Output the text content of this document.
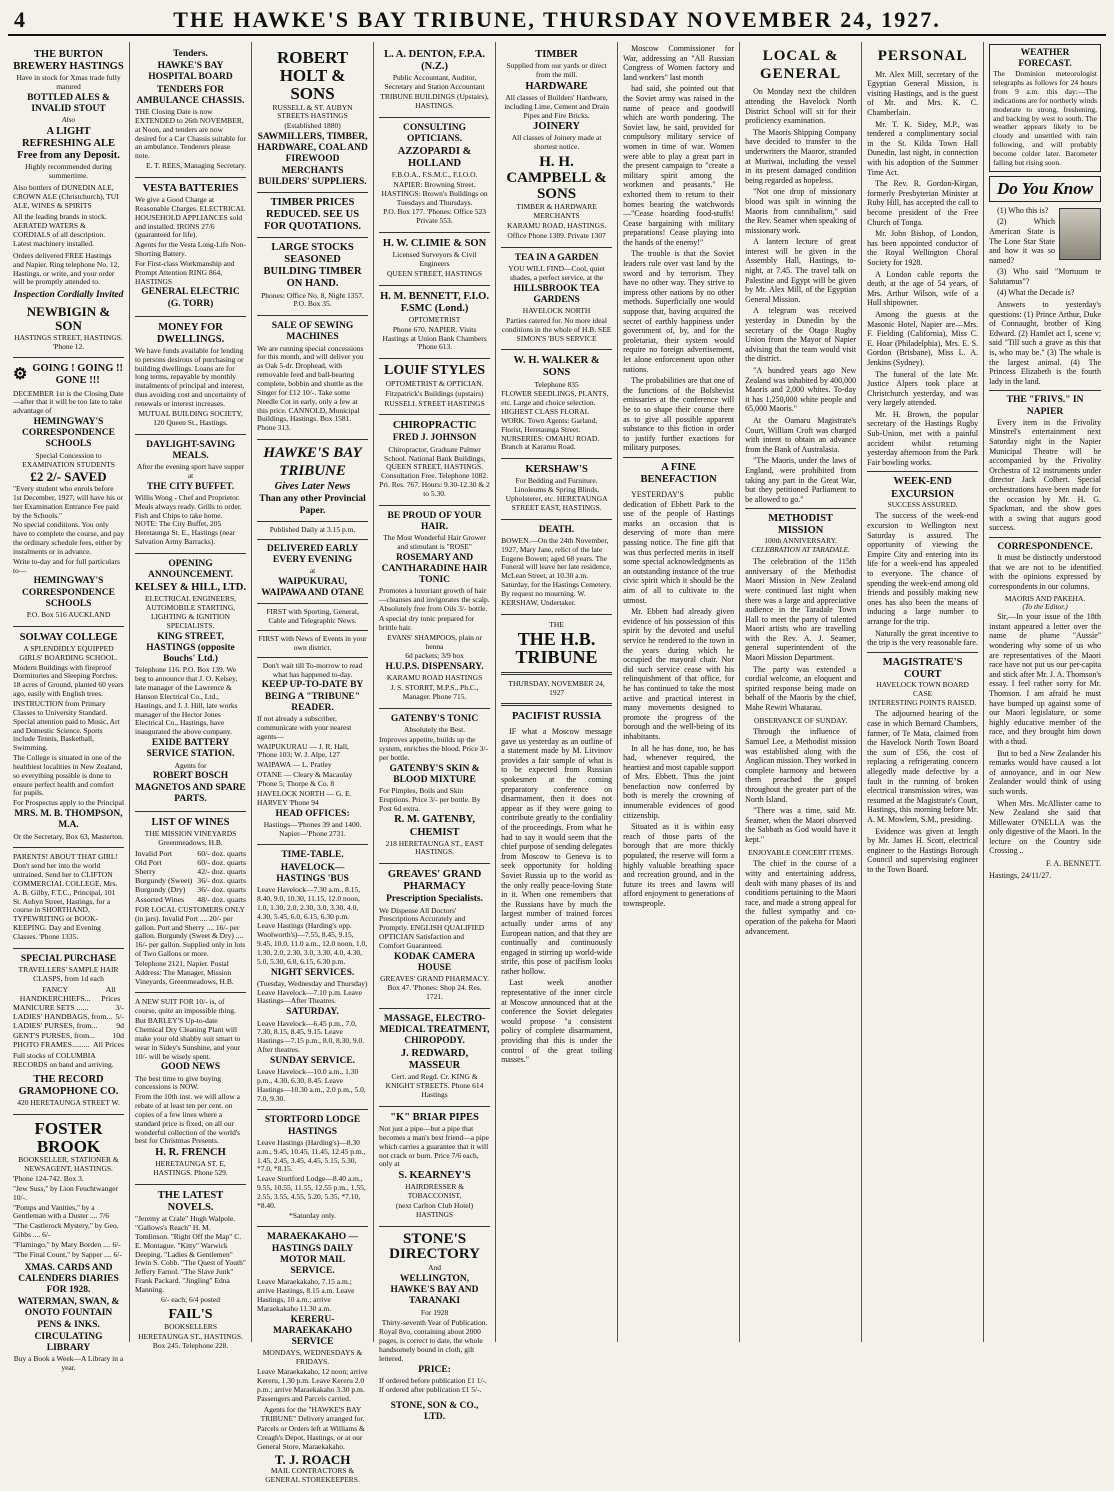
4	THE HAWKE'S BAY TRIBUNE, THURSDAY NOVEMBER 24, 1927.

THE BURTON BREWERY HASTINGS

Have in stock for Xmas trade fully matured

BOTTLED ALES & INVALID STOUT

Also

A LIGHT REFRESHING ALE Free from any Deposit.

Highly recommended during summertime.

Also bottlers of DUNEDIN ALE, CROWN ALE (Christchurch), TUI ALE, WINES & SPIRITS

All the leading brands in stock. AERATED WATERS & CORDIALS of all description. Latest machinery installed.

Orders delivered FREE Hastings and Napier. Ring telephone No. 12, Hastings, or write, and your order will be promptly attended to.

Inspection Cordially Invited

NEWBIGIN & SON

HASTINGS STREET, HASTINGS. 'Phone 12.

⚙ GOING ! GOING !! GONE !!!

DECEMBER 1st is the Closing Date —after that it will be too late to take advantage of

HEMINGWAY'S CORRESPONDENCE SCHOOLS

Special Concession to EXAMINATION STUDENTS

£2 2/- SAVED

"Every student who enrols before 1st December, 1927, will have his or her Examination Entrance Fee paid by the Schools."

No special conditions. You only have to complete the course, and pay the ordinary schedule fees, either by instalments or in advance.

Write to-day and for full particulars to—

HEMINGWAY'S CORRESPONDENCE SCHOOLS

P.O. Box 516 AUCKLAND

SOLWAY COLLEGE

A SPLENDIDLY EQUIPPED GIRLS' BOARDING SCHOOL.

Modern Buildings with fireproof Dormitories and Sleeping Porches. 18 acres of Ground, planted 60 years ago, easily with English trees.

INSTRUCTION from Primary Classes to University Standard. Special attention paid to Music, Art and Domestic Science. Sports include Tennis, Basketball, Swimming.

The College is situated in one of the healthiest localities in New Zealand, so everything possible is done to ensure perfect health and comfort for pupils.

For Prospectus apply to the Principal

MRS. M. B. THOMPSON, M.A.

Or the Secretary, Box 63, Masterton.

PARENTS! ABOUT THAT GIRL! Don't send her into the world untrained. Send her to CLIFTON COMMERCIAL COLLEGE, Mrs. A. B. Gilby, F.T.C., Principal, 101 St. Aubyn Street, Hastings, for a course in SHORTHAND, TYPEWRITING or BOOK-KEEPING. Day and Evening Classes. 'Phone 1335.

SPECIAL PURCHASE

TRAVELLERS' SAMPLE HAIR CLASPS, from 1d each

FANCY HANDKERCHIEFS...
All Prices
MANICURE SETS ......	3/-
LADIES' HANDBAGS, from... 5/-
LADIES' PURSES, from... 9d
GENT'S PURSES, from... 10d
PHOTO FRAMES......... All Prices

Full stocks of COLUMBIA RECORDS on hand and arriving.

THE RECORD GRAMOPHONE CO.

420 HERETAUNGA STREET W.

FOSTER BROOK

BOOKSELLER, STATIONER & NEWSAGENT, HASTINGS.

'Phone 124-742. Box 3.

"Jew Suss," by Lion Feuchtwanger 10/-.

"Pomps and Vanities," by a Gentleman with a Duster .... 7/6

"The Castlerock Mystery," by Geo. Gibbs .... 6/-

"Flamingo," by Mary Borden .... 6/-

"The Final Count," by Sapper .... 6/-

XMAS. CARDS AND CALENDERS DIARIES FOR 1928.

WATERMAN, SWAN, & ONOTO FOUNTAIN PENS & INKS.

CIRCULATING LIBRARY

Buy a Book a Week—A Library in a year.

Tenders.

HAWKE'S BAY HOSPITAL BOARD

TENDERS FOR AMBULANCE CHASSIS.

THE Closing Date is now EXTENDED to 26th NOVEMBER, at Noon, and tenders are now desired for a Car Chassis suitable for an ambulance. Tenderers please note.

E. T. REES, Managing Secretary.

VESTA BATTERIES

We give a Good Charge at Reasonable Charges. ELECTRICAL HOUSEHOLD APPLIANCES sold and installed. IRONS 27/6 (guaranteed for life).

Agents for the Vesta Long-Life Non-Shorting Battery.

For First-class Workmanship and Prompt Attention RING 864, HASTINGS

GENERAL ELECTRIC (G. TORR)

MONEY FOR DWELLINGS.

We have funds available for lending to persons desirous of purchasing or building dwellings. Loans are for long terms, repayable by monthly instalments of principal and interest, thus avoiding cost and uncertainty of renewals or interest increases.

MUTUAL BUILDING SOCIETY, 120 Queen St., Hastings.

DAYLIGHT-SAVING MEALS.

After the evening sport have supper at

THE CITY BUFFET.

Willis Wong - Chef and Proprietor. Meals always ready. Grills to order. Fish and Chips to take home. NOTE: The City Buffet, 205 Heretaunga St. E., Hastings (near Salvation Army Barracks).

OPENING ANNOUNCEMENT.

KELSEY & HILL, LTD.

ELECTRICAL ENGINEERS, AUTOMOBILE STARTING, LIGHTING & IGNITION SPECIALISTS.

KING STREET, HASTINGS (opposite Bouchs' Ltd.)

Telephone 116. P.O. Box 139. We beg to announce that J. O. Kelsey, late manager of the Lawrence & Hanson Electrical Co., Ltd., Hastings, and J. J. Hill, late works manager of the Hector Jones Electrical Co., Hastings, have inaugurated the above company.

EXIDE BATTERY SERVICE STATION.

Agents for

ROBERT BOSCH MAGNETOS AND SPARE PARTS.

LIST OF WINES

THE MISSION VINEYARDS Greenmeadows, H.B.

Invalid Port	60/- doz. quarts
Old Port	60/- doz. quarts
Sherry	42/- doz. quarts
Burgundy (Sweet) 36/- doz. quarts
Burgundy (Dry) 36/- doz. quarts
Assorted Wines 48/- doz. quarts

FOR LOCAL CUSTOMERS ONLY (in jars). Invalid Port .... 20/- per gallon. Port and Sherry .... 16/- per gallon. Burgundy (Sweet & Dry) .... 16/- per gallon. Supplied only in lots of Two Gallons or more.

Telephone 2121, Napier. Postal Address: The Manager, Mission Vineyards, Greenmeadows, H.B.

A NEW SUIT FOR 10/- is, of course, quite an impossible thing.

But BARLEY'S Up-to-date Chemical Dry Cleaning Plant will make your old shabby suit smart to wear in Sidey's Sunshine, and your 10/- will be wisely spent.

GOOD NEWS

The best time to give buying concessions is NOW.

From the 10th inst. we will allow a rebate of at least ten per cent. on copies of a few lines where a standard price is fixed, on all our wonderful collection of the world's best for Christmas Presents.

H. R. FRENCH

HERETAUNGA ST. E, HASTINGS. Phone 529.

THE LATEST NOVELS.

"Jeremy at Crale" Hugh Walpole. "Gallows's Reach" H. M. Tomlinson. "Right Off the Map" C. E. Montague. "Kitty" Warwick Deeping. "Ladies & Gentlemen" Irwin S. Cobb. "The Quest of Youth" Jeffery Farnol. "The Slave Junk" Frank Packard. "Jingling" Edna Manning.

6/- each; 6/4 posted

FAIL'S

BOOKSELLERS

HERETAUNGA ST., HASTINGS. Box 245. Telephone 228.

ROBERT HOLT & SONS

RUSSELL & ST. AUBYN STREETS HASTINGS

(Established 1880)

SAWMILLERS, TIMBER, HARDWARE, COAL AND FIREWOOD MERCHANTS BUILDERS' SUPPLIERS.

TIMBER PRICES REDUCED. SEE US FOR QUOTATIONS.

LARGE STOCKS SEASONED BUILDING TIMBER ON HAND.

Phones: Office No. 8, Night 1357. P.O. Box 35.

SALE OF SEWING MACHINES

We are running special concessions for this month, and will deliver you as Oak 5-dr. Drophead, with removable feed and ball-bearing complete, bobbin and shuttle as the Singer for £12 10/-. Take some Needle Cot in early, only a few at this price. CANNOLD, Municipal Buildings, Hastings. Box 1581. Phone 313.

HAWKE'S BAY TRIBUNE

Gives Later News

Than any other Provincial Paper.

Published Daily at 3.15 p.m.

DELIVERED EARLY EVERY EVENING

at

WAIPUKURAU, WAIPAWA AND OTANE

FIRST with Sporting, General, Cable and Telegraphic News.

FIRST with News of Events in your own district.

Don't wait till To-morrow to read what has happened to-day.

KEEP UP-TO-DATE BY BEING A "TRIBUNE" READER.

If not already a subscriber, communicate with your nearest agents—

WAIPUKURAU — J. R. Hall, 'Phone 103; W. J. Alpe, 127

WAIPAWA — L. Pratley

OTANE — Cleary & Macaulay 'Phone 5; Thorpe & Co. 8

HAVELOCK NORTH — G. E. HARVEY 'Phone 94

HEAD OFFICES:

Hastings—'Phones 39 and 1400. Napier—'Phone 2731.

TIME-TABLE.

HAVELOCK—HASTINGS 'BUS

Leave Havelock—7.30 a.m., 8.15, 8.40, 9.0, 10.30, 11.15, 12.0 noon, 1.0, 1.30, 2.0, 2.30, 3.0, 3.30, 4.0, 4.30, 5.45, 6.0, 6.15, 6.30 p.m.

Leave Hastings (Harding's opp. Woolworth's)—7.55, 8.45, 9.15, 9.45, 10.0, 11.0 a.m., 12.0 noon, 1.0, 1.30, 2.0, 2.30, 3.0, 3.30, 4.0, 4.30, 5.0, 5.30, 6.0, 6.15, 6.30 p.m.

NIGHT SERVICES.

(Tuesday, Wednesday and Thursday) Leave Havelock—7.10 p.m. Leave Hastings—After Theatres.

SATURDAY.

Leave Havelock—6.45 p.m., 7.0, 7.30, 8.15, 8.45, 9.15. Leave Hastings—7.15 p.m., 8.0, 8.30, 9.0. After theatres.

SUNDAY SERVICE.

Leave Havelock—10.0 a.m., 1.30 p.m., 4.30, 6.30, 8.45. Leave Hastings—10.30 a.m., 2.0 p.m., 5.0, 7.0, 9.30.

STORTFORD LODGE HASTINGS

Leave Hastings (Harding's)—8.30 a.m., 9.45, 10.45, 11.45, 12.45 p.m., 1.45, 2.45, 3.45, 4.45, 5.15, 5.30, *7.0, *8.15.

Leave Stortford Lodge—8.40 a.m., 9.55, 10.55, 11.55, 12.55 p.m., 1.55, 2.55, 3.55, 4.55, 5.20, 5.35, *7.10, *8.40.

*Saturday only.

MARAEKAKAHO — HASTINGS DAILY MOTOR MAIL SERVICE.

Leave Maraekakaho, 7.15 a.m.; arrive Hastings, 8.15 a.m. Leave Hastings, 10 a.m.; arrive Maraekakaho 11.30 a.m.

KERERU-MARAEKAKAHO SERVICE

MONDAYS, WEDNESDAYS & FRIDAYS.

Leave Maraekakaho, 12 noon; arrive Kereru, 1.30 p.m. Leave Kereru 2.0 p.m.; arrive Maraekakaho 3.30 p.m. Passengers and Parcels carried.

Agents for the "HAWKE'S BAY TRIBUNE" Delivery arranged for.

Parcels or Orders left at Williams & Creagh's Depot, Hastings, or at our General Store, Maraekakaho.

T. J. ROACH

MAIL CONTRACTORS & GENERAL STOREKEEPERS.

L. A. DENTON, F.P.A. (N.Z.)

Public Accountant, Auditor, Secretary and Station Accountant

TRIBUNE BUILDINGS (Upstairs), HASTINGS.

CONSULTING OPTICIANS.

AZZOPARDI & HOLLAND

F.B.O.A., F.S.M.C., F.I.O.O.

NAPIER: Browning Street. HASTINGS: Brown's Buildings on Tuesdays and Thursdays.

P.O. Box 177. 'Phones: Office 523 Private 553.

H. W. CLIMIE & SON

Licensed Surveyors & Civil Engineers

QUEEN STREET, HASTINGS

H. M. BENNETT, F.I.O. F.SMC (Lond.)

OPTOMETRIST

Phone 670. NAPIER. Visits Hastings at Union Bank Chambers 'Phone 613.

LOUIF STYLES

OPTOMETRIST & OPTICIAN.

Fitzpatrick's Buildings (upstairs)

RUSSELL STREET HASTINGS

CHIROPRACTIC

FRED J. JOHNSON

Chiropractor, Graduate Palmer School. National Bank Buildings, QUEEN STREET, HASTINGS. Consultation Free. Telephone 1082. Pri. Res. 767. Hours: 9.30-12.30 & 2 to 5.30.

BE PROUD OF YOUR HAIR.

The Most Wonderful Hair Grower and stimulant is "ROSE"

ROSEMARY AND CANTHARADINE HAIR TONIC

Promotes a luxuriant growth of hair—cleanses and invigorates the scalp. Absolutely free from Oils 3/- bottle.

A special dry tonic prepared for brittle hair.

EVANS' SHAMPOOS, plain or henna

6d packets; 3/9 box

H.U.P.S. DISPENSARY.

KARAMU ROAD HASTINGS

J. S. STORRT, M.P.S., Ph.C., Manager. Phone 715.

GATENBY'S TONIC

Absolutely the Best.

Improves appetite, builds up the system, enriches the blood. Price 3/- per bottle.

GATENBY'S SKIN & BLOOD MIXTURE

For Pimples, Boils and Skin Eruptions. Price 3/- per bottle. By Post 6d extra.

R. M. GATENBY, CHEMIST

218 HERETAUNGA ST., EAST HASTINGS.

GREAVES' GRAND PHARMACY

Prescription Specialists.

We Dispense All Doctors' Prescriptions Accurately and Promptly. ENGLISH QUALIFIED OPTICIAN Satisfaction and Comfort Guaranteed.

KODAK CAMERA HOUSE

GREAVES' GRAND PHARMACY. Box 47. 'Phones: Shop 24. Res. 1721.

MASSAGE, ELECTRO-MEDICAL TREATMENT, CHIROPODY.

J. REDWARD, MASSEUR

Cert. and Regd. Cr. KING & KNIGHT STREETS. Phone 614 Hastings

"K" BRIAR PIPES

Not just a pipe—but a pipe that becomes a man's best friend—a pipe which carries a guarantee that it will not crack or burn. Price 7/6 each, only at

S. KEARNEY'S

HAIRDRESSER & TOBACCONIST,

(next Carlton Club Hotel) HASTINGS

STONE'S DIRECTORY

And

WELLINGTON, HAWKE'S BAY AND TARANAKI

For 1928

Thirty-seventh Year of Publication.

Royal 8vo, containing about 2000 pages, is correct to date, the whole handsomely bound in cloth, gilt lettered.

PRICE:

If ordered before publication £1 1/-. If ordered after publication £1 5/-.

STONE, SON & CO., LTD.

TIMBER

Supplied from our yards or direct from the mill.

HARDWARE

All classes of Builders' Hardware, including Lime, Cement and Drain Pipes and Fire Bricks.

JOINERY

All classes of Joinery made at shortest notice.

H. H. CAMPBELL & SONS

TIMBER & HARDWARE MERCHANTS

KARAMU ROAD, HASTINGS.

Office Phone 1389. Private 1307

TEA IN A GARDEN

YOU WILL FIND—Cool, quiet shades, a perfect service, at the

HILLSBROOK TEA GARDENS

HAVELOCK NORTH

Parties catered for. No more ideal conditions in the whole of H.B. SEE SIMON'S 'BUS SERVICE

W. H. WALKER & SONS

Telephone 835

FLOWER SEEDLINGS, PLANTS, etc. Large and choice selection. HIGHEST CLASS FLORAL WORK. Town Agents: Garland, Florist, Heretaunga Street. NURSERIES: OMAHU ROAD. Branch at Karamu Road.

KERSHAW'S

For Bedding and Furniture. Linoleums & Spring Blinds, Upholsterer, etc. HERETAUNGA STREET EAST, HASTINGS.

DEATH.

BOWEN.—On the 24th November, 1927, Mary Jane, relict of the late Eugene Bowen; aged 68 years. The Funeral will leave her late residence, McLean Street, at 10.30 a.m. Saturday, for the Hastings Cemetery. By request no mourning. W. KERSHAW, Undertaker.

THE

THE H.B. TRIBUNE

THURSDAY, NOVEMBER 24, 1927

PACIFIST RUSSIA

IF what a Moscow message gave us yesterday as an outline of a statement made by M. Litvinov provides a fair sample of what is to be expected from Russian spokesmen at the coming preparatory conference on disarmament, then it does not appear as if they were going to contribute greatly to the cordiality of the proceedings. From what he had to say it would seem that the chief purpose of sending delegates from Moscow to Geneva is to seek opportunity for holding Soviet Russia up to the world as the only really peace-loving State in it. When one remembers that the Russians have by much the largest number of trained forces actually under arms of any European nation, and that they are continually and continuously engaged in stirring up world-wide strife, this pose of pacifism looks rather hollow.

Last week another representative of the inner circle at Moscow announced that at the conference the Soviet delegates would propose "a consistent policy of complete disarmament, providing that this is under the control of the great toiling masses."

Moscow Commissioner for War, addressing an "All Russian Congress of Women factory and land workers" last month

had said, she pointed out that the Soviet army was raised in the name of peace and goodwill which are worth pondering. The Soviet law, he said, provided for compulsory military service of women in time of war. Women were able to play a great part in the present campaign to "create a military spirit among the workmen and peasants." He exhorted them to return to their homes bearing the watchwords—"Cease hoarding food-stuffs! Cease bargaining with military preparations! Cease playing into the hands of the enemy!"

The trouble is that the Soviet leaders rule over vast land by the sword and by terrorism. They have no other way. They strive to impress other nations by no other methods. Superficially one would suppose that, having acquired the secret of earthly happiness under government of, by, and for the proletariat, their system would require no foreign advertisement, let alone enforcement upon other nations.

The probabilities are that one of the functions of the Bolshevist emissaries at the conference will be to so shape their course there as to give all possible apparent substance to this fiction in order to justify further exactions for military purposes.

A FINE BENEFACTION

YESTERDAY'S public dedication of Ebbett Park to the use of the people of Hastings marks an occasion that is deserving of more than mere passing notice. The fine gift that was thus perfected merits in itself some special acknowledgments as an outstanding instance of the true civic spirit which it should be the aim of all to cultivate to the utmost.

Mr. Ebbett had already given evidence of his possession of this spirit by the devoted and useful service he rendered to the town in the years during which he occupied the mayoral chair. Nor did such service cease with his relinquishment of that office, for he has continued to take the most active and practical interest in many movements designed to promote the progress of the borough and the well-being of its inhabitants.

In all he has done, too, he has had, whenever required, the heartiest and most capable support of Mrs. Ebbett. Thus the joint benefaction now conferred by both is merely the crowning of innumerable evidences of good citizenship.

Situated as it is within easy reach of those parts of the borough that are more thickly populated, the reserve will form a highly valuable breathing space and recreation ground, and in the future its trees and lawns will afford enjoyment to generations of townspeople.

LOCAL & GENERAL

On Monday next the children attending the Havelock North District School will sit for their proficiency examination.

The Maoris Shipping Company have decided to transfer to the underwriters the Maoror, stranded at Muriwai, including the vessel in its present damaged condition being regarded as hopeless.

"Not one drop of missionary blood was spilt in winning the Maoris from cannibalism," said the Rev. Seamer when speaking of missionary work.

A lantern lecture of great interest will be given in the Assembly Hall, Hastings, to-night, at 7.45. The travel talk on Palestine and Egypt will be given by Mr. Alex Mill, of the Egyptian General Mission.

A telegram was received yesterday in Dunedin by the secretary of the Otago Rugby Union from the Mayor of Napier advising that the team would visit the district.

"A hundred years ago New Zealand was inhabited by 400,000 Maoris and 2,000 whites. To-day it has 1,250,000 white people and 65,000 Maoris."

At the Oamaru Magistrate's Court, William Croft was charged with intent to obtain an advance from the Bank of Australasia.

"The Maoris, under the laws of England, were prohibited from taking any part in the Great War, but they petitioned Parliament to be allowed to go."

METHODIST MISSION

100th ANNIVERSARY.

CELEBRATION AT TARADALE.

The celebration of the 115th anniversary of the Methodist Maori Mission in New Zealand were continued last night when there was a large and appreciative audience in the Taradale Town Hall to meet the party of talented Maori artists who are travelling with the Rev. A. J. Seamer, general superintendent of the Maori Mission Department.

The party was extended a cordial welcome, an eloquent and spirited response being made on behalf of the Maoris by the chief, Mahe Rewiri Whatarau.

OBSERVANCE OF SUNDAY.

Through the influence of Samuel Lee, a Methodist mission was established along with the Anglican mission. They worked in complete harmony and between them preached the gospel throughout the greater part of the North Island.

"There was a time, said Mr. Seamer, when the Maori observed the Sabbath as God would have it kept."

ENJOYABLE CONCERT ITEMS.

The chief in the course of a witty and entertaining address, dealt with many phases of its and conditions pertaining to the Maori race, and made a strong appeal for the fullest sympathy and co-operation of the pakeha for Maori advancement.

PERSONAL

Mr. Alex Mill, secretary of the Egyptian General Mission, is visiting Hastings, and is the guest of Mr. and Mrs. K. C. Chamberlain.

Mr. T. K. Sidey, M.P., was tendered a complimentary social in the St. Kilda Town Hall Dunedin, last night, in connection with his adoption of the Summer Time Act.

The Rev. R. Gordon-Kirgan, formerly Presbyterian Minister at Ruby Hill, has accepted the call to become president of the Free Church of Tonga.

Mr. John Bishop, of London, has been appointed conductor of the Royal Wellington Choral Society for 1928.

A London cable reports the death, at the age of 54 years, of Mrs. Arthur Wilson, wife of a Hull shipowner.

Among the guests at the Masonic Hotel, Napier are—Mrs. F. Fielding (California), Miss C. E. Hoar (Philadelphia), Mrs. E. S. Gordon (Brisbane), Miss L. A. Jenkins (Sydney).

The funeral of the late Mr. Justice Alpers took place at Christchurch yesterday, and was very largely attended.

Mr. H. Brown, the popular secretary of the Hastings Rugby Sub-Union, met with a painful accident whilst returning yesterday afternoon from the Park Fair bowling works.

WEEK-END EXCURSION

SUCCESS ASSURED.

The success of the week-end excursion to Wellington next Saturday is assured. The opportunity of viewing the Empire City and entering into its life for a week-end has appealed to everyone. The chance of spending the week-end among old friends and possibly making new ones has also been the means of inducing a large number to arrange for the trip.

Naturally the great incentive to the trip is the very reasonable fare.

MAGISTRATE'S COURT

HAVELOCK TOWN BOARD CASE

INTERESTING POINTS RAISED.

The adjourned hearing of the case in which Bernard Chambers, farmer, of Te Mata, claimed from the Havelock North Town Board the sum of £56, the cost of replacing a refrigerating concern allegedly made defective by a fault in the running of broken electrical transmission wires, was resumed at the Magistrate's Court, Hastings, this morning before Mr. A. M. Mowlem, S.M., presiding.

Evidence was given at length by Mr. James H. Scott, electrical engineer to the Hastings Borough Council and supervising engineer to the Town Board.

WEATHER FORECAST.

The Dominion meteorologist telegraphs as follows for 24 hours from 9 a.m. this day:—The indications are for northerly winds moderate to strong, freshening, and backing by west to south. The weather appears likely to be cloudy and unsettled with rain following, and will probably become colder later. Barometer falling but rising soon.

Do You Know

(1) Who this is?

(2) Which American State is The Lone Star State and how it was so named?

(3) Who said "Mortuum te Salutamus"?

(4) What the Decade is?

Answers to yesterday's questions: (1) Prince Arthur, Duke of Connaught, brother of King Edward. (2) Hamlet act I, scene v; said "Till such a grave as this that is, who may be." (3) The whale is the largest animal. (4) The Princess Elizabeth is the fourth lady in the land.

THE "FRIVS." IN NAPIER

Every item in the Frivolity Minstrel's entertainment next Saturday night in the Napier Municipal Theatre will be accompanied by the Frivolity Orchestra of 12 instruments under director Jack Colbert. Special orchestrations have been made for the occasion by Mr. H. G. Spackman, and the show goes with a swing that augurs good success.

CORRESPONDENCE.

It must be distinctly understood that we are not to be identified with the opinions expressed by correspondents in our columns.

MAORIS AND PAKEHA.

(To the Editor.)

Sir,—In your issue of the 18th instant appeared a letter over the name de plume "Aussie" wondering why some of us who are representatives of the Maori race have not put us our per-capita and stick after Mr. J. A. Thomson's essay. I feel rather sorry for Mr. Thomson. I am afraid he must have bumped up against some of our Maori legislature, or some highly educative member of the race, and they brought him down with a thud.

But to bed a New Zealander his remarks would have caused a lot of annoyance, and in our New Zealander would think of using such words.

When Mrs. McAllister came to New Zealand she said that Millewater O'NELLA was the only digestive of the Maori. In the lecture on the Country side Crossing ..

F. A. BENNETT.

Hastings, 24/11/27.
